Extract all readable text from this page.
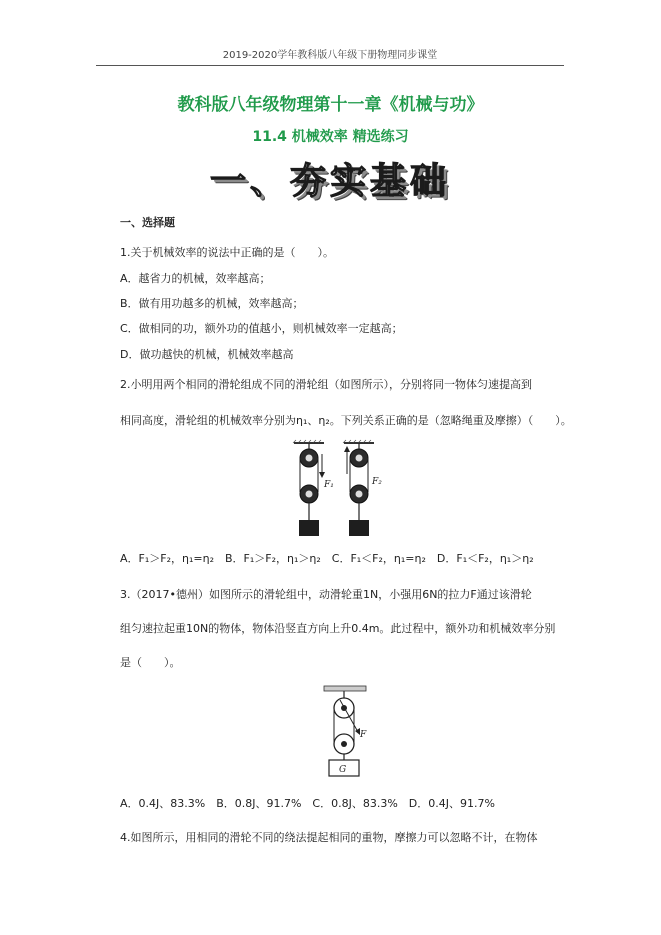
2019-2020学年教科版八年级下册物理同步课堂
教科版八年级物理第十一章《机械与功》
11.4 机械效率 精选练习
一、夯实基础
一、选择题
1.关于机械效率的说法中正确的是（　　）。
A．越省力的机械，效率越高；
B．做有用功越多的机械，效率越高；
C．做相同的功，额外功的值越小，则机械效率一定越高；
D．做功越快的机械，机械效率越高
2.小明用两个相同的滑轮组成不同的滑轮组（如图所示），分别将同一物体匀速提高到
相同高度，滑轮组的机械效率分别为η₁、η₂。下列关系正确的是（忽略绳重及摩擦）（　　）。
F₁	F₂
A．F₁＞F₂，η₁=η₂　B．F₁＞F₂，η₁＞η₂　C．F₁＜F₂，η₁=η₂　D．F₁＜F₂，η₁＞η₂
3.（2017•德州）如图所示的滑轮组中，动滑轮重1N，小强用6N的拉力F通过该滑轮
组匀速拉起重10N的物体，物体沿竖直方向上升0.4m。此过程中，额外功和机械效率分别
是（　　）。
F
G
A．0.4J、83.3%　B．0.8J、91.7%　C．0.8J、83.3%　D．0.4J、91.7%
4.如图所示，用相同的滑轮不同的绕法提起相同的重物，摩擦力可以忽略不计，在物体
